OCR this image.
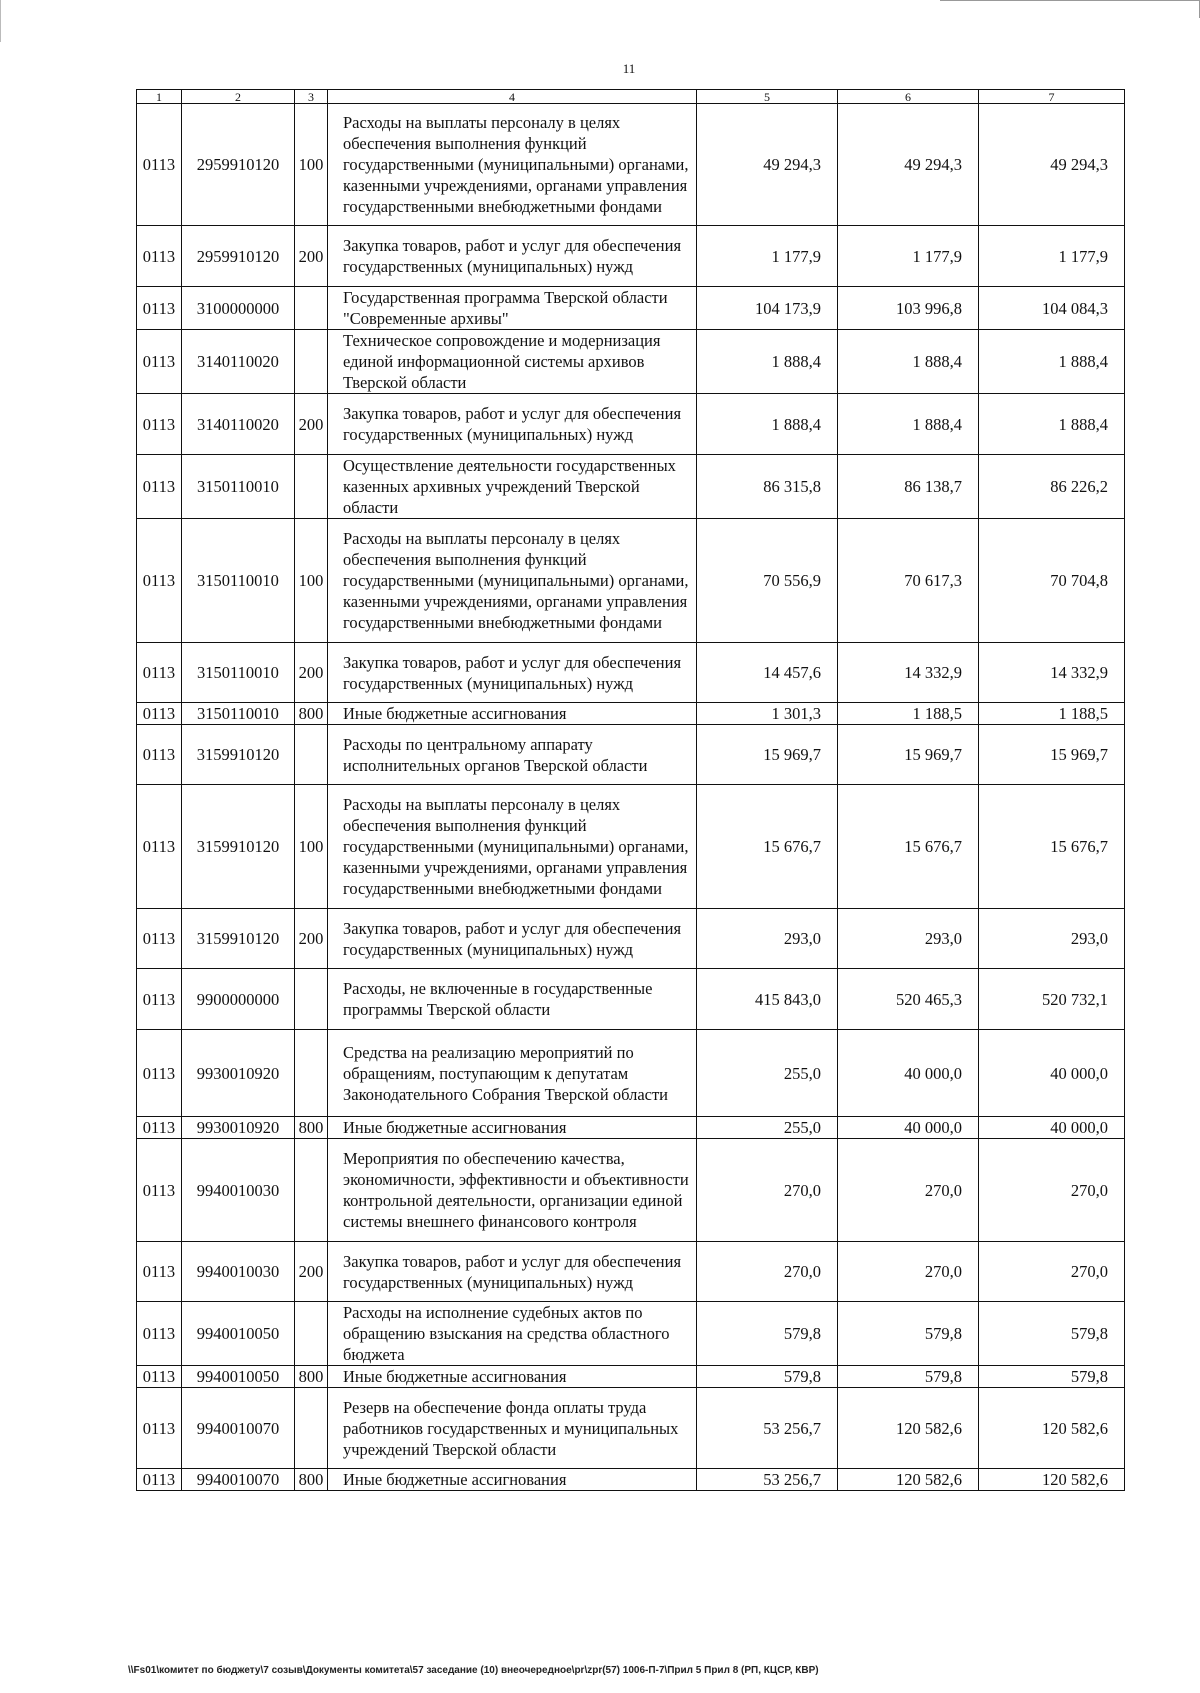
11
1	2	3	4	5	6	7
0113	2959910120	100	Расходы на выплаты персоналу в целях обеспечения выполнения функций государственными (муниципальными) органами, казенными учреждениями, органами управления государственными внебюджетными фондами	49 294,3	49 294,3	49 294,3
0113	2959910120	200	Закупка товаров, работ и услуг для обеспечения государственных (муниципальных) нужд	1 177,9	1 177,9	1 177,9
0113	3100000000		Государственная программа Тверской области "Современные архивы"	104 173,9	103 996,8	104 084,3
0113	3140110020		Техническое сопровождение и модернизация единой информационной системы архивов Тверской области	1 888,4	1 888,4	1 888,4
0113	3140110020	200	Закупка товаров, работ и услуг для обеспечения государственных (муниципальных) нужд	1 888,4	1 888,4	1 888,4
0113	3150110010		Осуществление деятельности государственных казенных архивных учреждений Тверской области	86 315,8	86 138,7	86 226,2
0113	3150110010	100	Расходы на выплаты персоналу в целях обеспечения выполнения функций государственными (муниципальными) органами, казенными учреждениями, органами управления государственными внебюджетными фондами	70 556,9	70 617,3	70 704,8
0113	3150110010	200	Закупка товаров, работ и услуг для обеспечения государственных (муниципальных) нужд	14 457,6	14 332,9	14 332,9
0113	3150110010	800	Иные бюджетные ассигнования	1 301,3	1 188,5	1 188,5
0113	3159910120		Расходы по центральному аппарату исполнительных органов Тверской области	15 969,7	15 969,7	15 969,7
0113	3159910120	100	Расходы на выплаты персоналу в целях обеспечения выполнения функций государственными (муниципальными) органами, казенными учреждениями, органами управления государственными внебюджетными фондами	15 676,7	15 676,7	15 676,7
0113	3159910120	200	Закупка товаров, работ и услуг для обеспечения государственных (муниципальных) нужд	293,0	293,0	293,0
0113	9900000000		Расходы, не включенные в государственные программы Тверской области	415 843,0	520 465,3	520 732,1
0113	9930010920		Средства на реализацию мероприятий по обращениям, поступающим к депутатам Законодательного Собрания Тверской области	255,0	40 000,0	40 000,0
0113	9930010920	800	Иные бюджетные ассигнования	255,0	40 000,0	40 000,0
0113	9940010030		Мероприятия по обеспечению качества, экономичности, эффективности и объективности контрольной деятельности, организации единой системы внешнего финансового контроля	270,0	270,0	270,0
0113	9940010030	200	Закупка товаров, работ и услуг для обеспечения государственных (муниципальных) нужд	270,0	270,0	270,0
0113	9940010050		Расходы на исполнение судебных актов по обращению взыскания на средства областного бюджета	579,8	579,8	579,8
0113	9940010050	800	Иные бюджетные ассигнования	579,8	579,8	579,8
0113	9940010070		Резерв на обеспечение фонда оплаты труда работников государственных и муниципальных учреждений Тверской области	53 256,7	120 582,6	120 582,6
0113	9940010070	800	Иные бюджетные ассигнования	53 256,7	120 582,6	120 582,6
\\Fs01\комитет по бюджету\7 созыв\Документы комитета\57 заседание (10) внеочередное\pr\zpr(57) 1006-П-7\Прил 5 Прил 8 (РП, КЦСР, КВР)
